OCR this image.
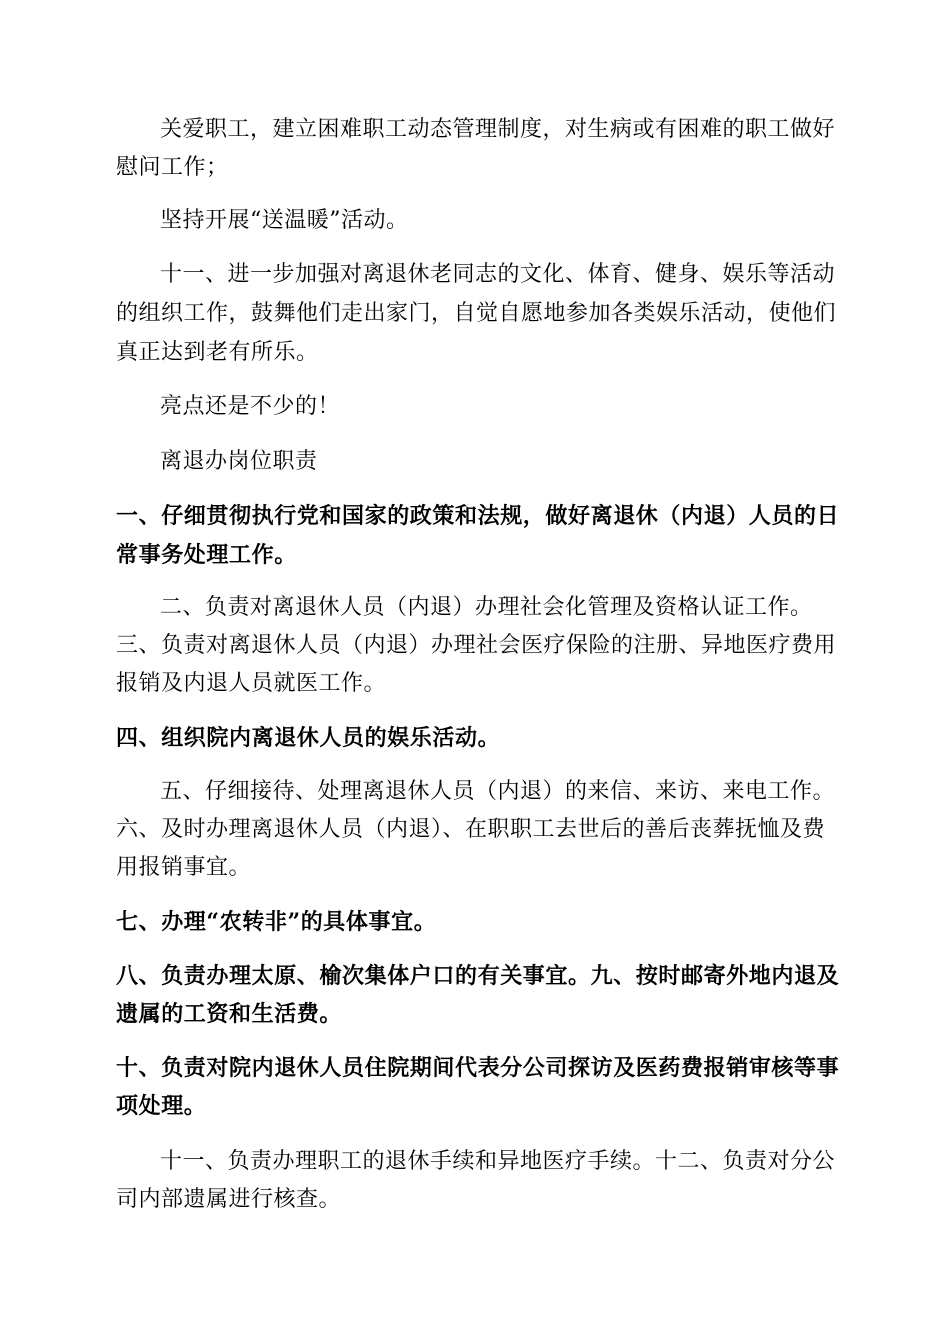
关爱职工，建立困难职工动态管理制度，对生病或有困难的职工做好
慰问工作；
坚持开展“送温暖”活动。
十一、进一步加强对离退休老同志的文化、体育、健身、娱乐等活动
的组织工作，鼓舞他们走出家门，自觉自愿地参加各类娱乐活动，使他们
真正达到老有所乐。
亮点还是不少的！
离退办岗位职责
一、仔细贯彻执行党和国家的政策和法规，做好离退休（内退）人员的日
常事务处理工作。
二、负责对离退休人员（内退）办理社会化管理及资格认证工作。
三、负责对离退休人员（内退）办理社会医疗保险的注册、异地医疗费用
报销及内退人员就医工作。
四、组织院内离退休人员的娱乐活动。
五、仔细接待、处理离退休人员（内退）的来信、来访、来电工作。
六、及时办理离退休人员（内退）、在职职工去世后的善后丧葬抚恤及费
用报销事宜。
七、办理“农转非”的具体事宜。
八、负责办理太原、榆次集体户口的有关事宜。九、按时邮寄外地内退及
遗属的工资和生活费。
十、负责对院内退休人员住院期间代表分公司探访及医药费报销审核等事
项处理。
十一、负责办理职工的退休手续和异地医疗手续。十二、负责对分公
司内部遗属进行核查。
